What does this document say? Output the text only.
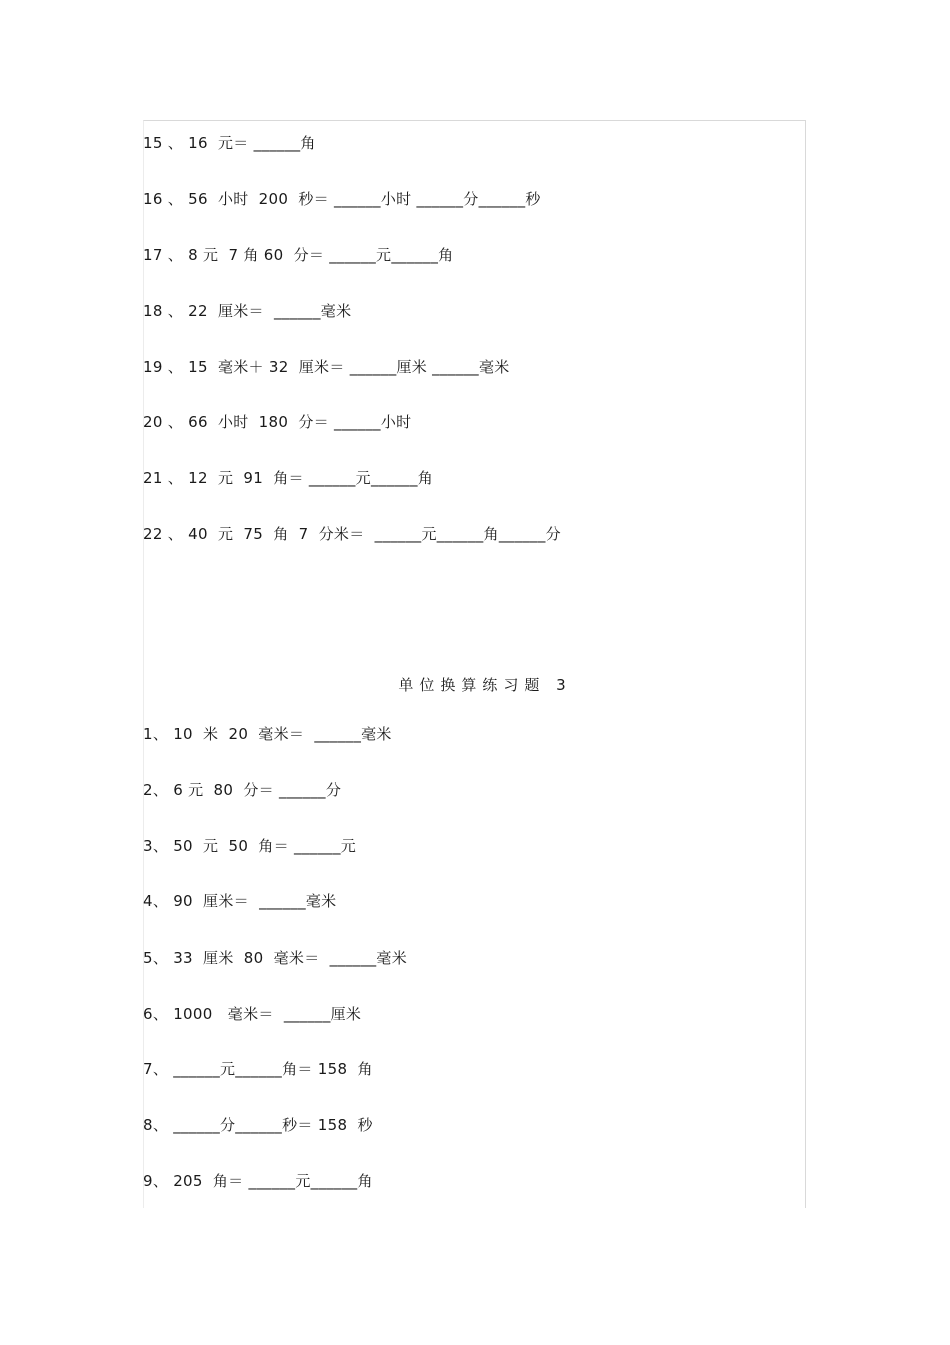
15 、 16  元＝ ______角
16 、 56  小时  200  秒＝ ______小时 ______分______秒
17 、 8 元  7 角 60  分＝ ______元______角
18 、 22  厘米＝  ______毫米
19 、 15  毫米＋ 32  厘米＝ ______厘米 ______毫米
20 、 66  小时  180  分＝ ______小时
21 、 12  元  91  角＝ ______元______角
22 、 40  元  75  角  7  分米＝  ______元______角______分
单位换算练习题 3
1、 10  米  20  毫米＝  ______毫米
2、 6 元  80  分＝ ______分
3、 50  元  50  角＝ ______元
4、 90  厘米＝  ______毫米
5、 33  厘米  80  毫米＝  ______毫米
6、 1000   毫米＝  ______厘米
7、 ______元______角＝ 158  角
8、 ______分______秒＝ 158  秒
9、 205  角＝ ______元______角
